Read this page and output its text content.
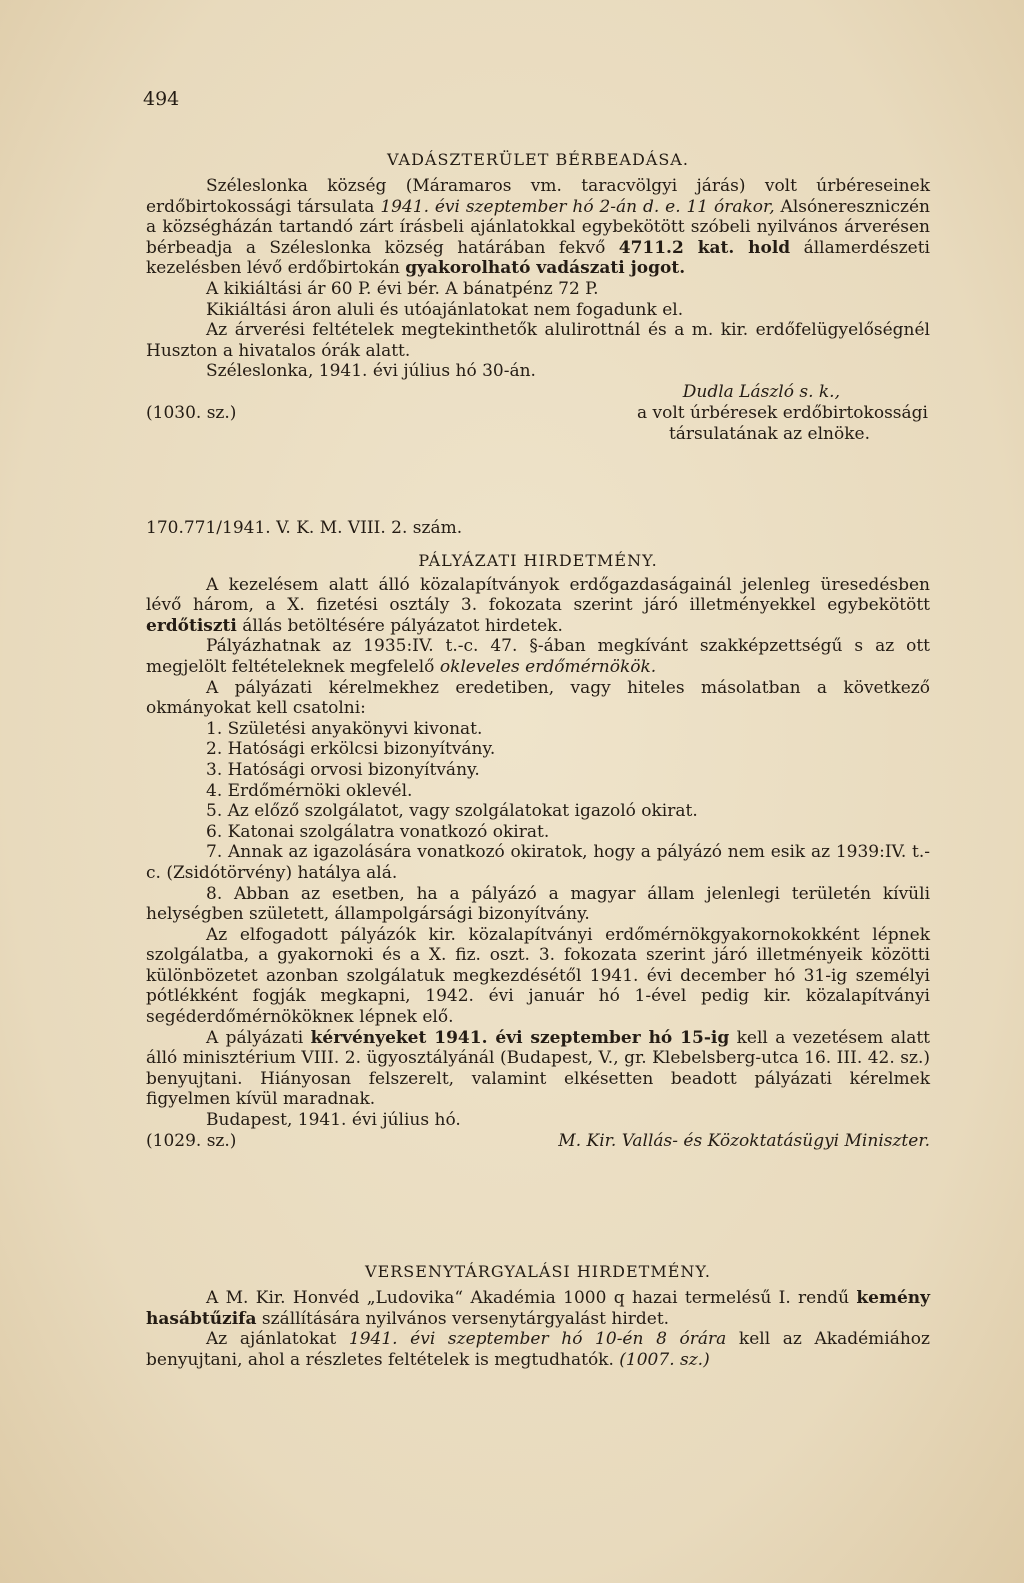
494
VADÁSZTERÜLET BÉRBEADÁSA.

Széleslonka község (Máramaros vm. taracvölgyi járás) volt úrbéreseinek erdőbirtokossági társulata 1941. évi szeptember hó 2-án d. e. 11 órakor, Alsónereszniczén a községházán tartandó zárt írásbeli ajánlatokkal egybekötött szóbeli nyilvános árverésen bérbeadja a Széleslonka község határában fekvő 4711.2 kat. hold államerdészeti kezelésben lévő erdőbirtokán gyakorolható vadászati jogot.

A kikiáltási ár 60 P. évi bér. A bánatpénz 72 P.

Kikiáltási áron aluli és utóajánlatokat nem fogadunk el.

Az árverési feltételek megtekinthetők alulirottnál és a m. kir. erdőfelügyelőségnél Huszton a hivatalos órák alatt.

Széleslonka, 1941. évi július hó 30-án.

Dudla László s. k.,
(1030. sz.)	a volt úrbéresek erdőbirtokossági
társulatának az elnöke.

170.771/1941. V. K. M. VIII. 2. szám.

PÁLYÁZATI HIRDETMÉNY.

A kezelésem alatt álló közalapítványok erdőgazdaságainál jelenleg üresedésben lévő három, a X. fizetési osztály 3. fokozata szerint járó illetményekkel egybekötött erdőtiszti állás betöltésére pályázatot hirdetek.

Pályázhatnak az 1935:IV. t.-c. 47. §-ában megkívánt szakképzettségű s az ott megjelölt feltételeknek megfelelő okleveles erdőmérnökök.

A pályázati kérelmekhez eredetiben, vagy hiteles másolatban a következő okmányokat kell csatolni:

1. Születési anyakönyvi kivonat.

2. Hatósági erkölcsi bizonyítvány.

3. Hatósági orvosi bizonyítvány.

4. Erdőmérnöki oklevél.

5. Az előző szolgálatot, vagy szolgálatokat igazoló okirat.

6. Katonai szolgálatra vonatkozó okirat.

7. Annak az igazolására vonatkozó okiratok, hogy a pályázó nem esik az 1939:IV. t.-c. (Zsidótörvény) hatálya alá.

8. Abban az esetben, ha a pályázó a magyar állam jelenlegi területén kívüli helységben született, állampolgársági bizonyítvány.

Az elfogadott pályázók kir. közalapítványi erdőmérnökgyakornokokként lépnek szolgálatba, a gyakornoki és a X. fiz. oszt. 3. fokozata szerint járó illetményeik közötti különbözetet azonban szolgálatuk megkezdésétől 1941. évi december hó 31-ig személyi pótlékként fogják megkapni, 1942. évi január hó 1-ével pedig kir. közalapítványi segéderdőmérnökökneк lépnek elő.

A pályázati kérvényeket 1941. évi szeptember hó 15-ig kell a vezetésem alatt álló minisztérium VIII. 2. ügyosztályánál (Budapest, V., gr. Klebelsberg-utca 16. III. 42. sz.) benyujtani. Hiányosan felszerelt, valamint elkésetten beadott pályázati kérelmek figyelmen kívül maradnak.

Budapest, 1941. évi július hó.

(1029. sz.)	M. Kir. Vallás- és Közoktatásügyi Miniszter.
VERSENYTÁRGYALÁSI HIRDETMÉNY.

A M. Kir. Honvéd „Ludovika“ Akadémia 1000 q hazai termelésű I. rendű kemény hasábtűzifa szállítására nyilvános versenytárgyalást hirdet.

Az ajánlatokat 1941. évi szeptember hó 10-én 8 órára kell az Akadémiához benyujtani, ahol a részletes feltételek is megtudhatók. (1007. sz.)
